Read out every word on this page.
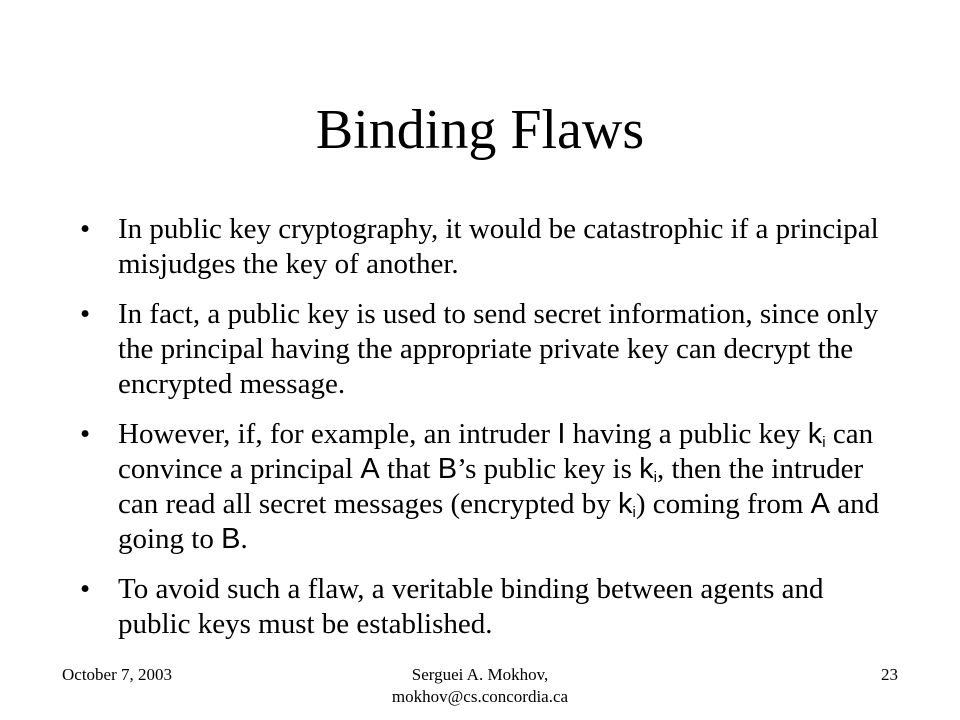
Binding Flaws
• In public key cryptography, it would be catastrophic if a principal misjudges the key of another.
• In fact, a public key is used to send secret information, since only the principal having the appropriate private key can decrypt the encrypted message.
• However, if, for example, an intruder I having a public key $k_i$ can convince a principal A that B’s public key is $k_i$, then the intruder can read all secret messages (encrypted by $k_i$) coming from A and going to B.
• To avoid such a flaw, a veritable binding between agents and public keys must be established.
October 7, 2003	Serguei A. Mokhov,
mokhov@cs.concordia.ca
23
